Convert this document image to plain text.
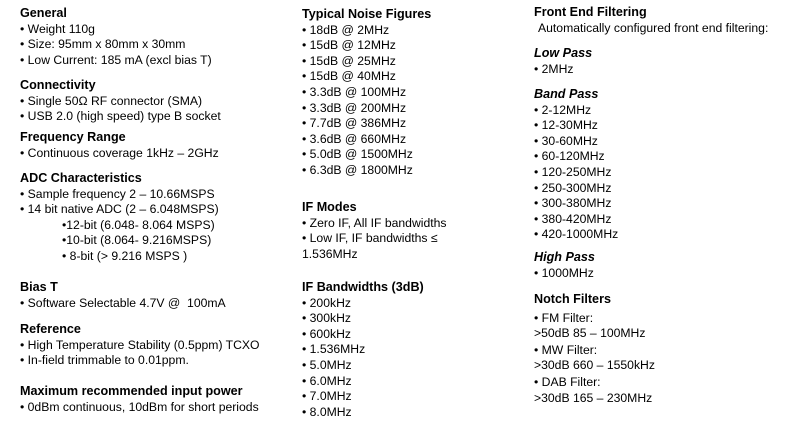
General
• Weight 110g
• Size: 95mm x 80mm x 30mm
• Low Current: 185 mA (excl bias T)
Connectivity
• Single 50Ω RF connector (SMA)
• USB 2.0 (high speed) type B socket
Frequency Range
• Continuous coverage 1kHz – 2GHz
ADC Characteristics
• Sample frequency 2 – 10.66MSPS
• 14 bit native ADC (2 – 6.048MSPS)
• 12-bit (6.048- 8.064 MSPS)
• 10-bit (8.064- 9.216MSPS)
•  8-bit (> 9.216 MSPS )
Bias T
• Software Selectable 4.7V @  100mA
Reference
• High Temperature Stability (0.5ppm) TCXO
• In-field trimmable to 0.01ppm.
Maximum recommended input power
• 0dBm continuous, 10dBm for short periods
Typical Noise Figures
• 18dB @ 2MHz
• 15dB @ 12MHz
• 15dB @ 25MHz
• 15dB @ 40MHz
• 3.3dB @ 100MHz
• 3.3dB @ 200MHz
• 7.7dB @ 386MHz
• 3.6dB @ 660MHz
• 5.0dB @ 1500MHz
• 6.3dB @ 1800MHz
IF Modes
• Zero IF, All IF bandwidths
• Low IF, IF bandwidths ≤
1.536MHz
IF Bandwidths (3dB)
• 200kHz
• 300kHz
• 600kHz
• 1.536MHz
• 5.0MHz
• 6.0MHz
• 7.0MHz
• 8.0MHz
Front End Filtering
Automatically configured front end filtering:
Low Pass
• 2MHz
Band Pass
• 2-12MHz
• 12-30MHz
• 30-60MHz
• 60-120MHz
• 120-250MHz
• 250-300MHz
• 300-380MHz
• 380-420MHz
• 420-1000MHz
High Pass
• 1000MHz
Notch Filters
• FM Filter:
>50dB 85 – 100MHz
• MW Filter:
>30dB 660 – 1550kHz
• DAB Filter:
>30dB 165 – 230MHz
